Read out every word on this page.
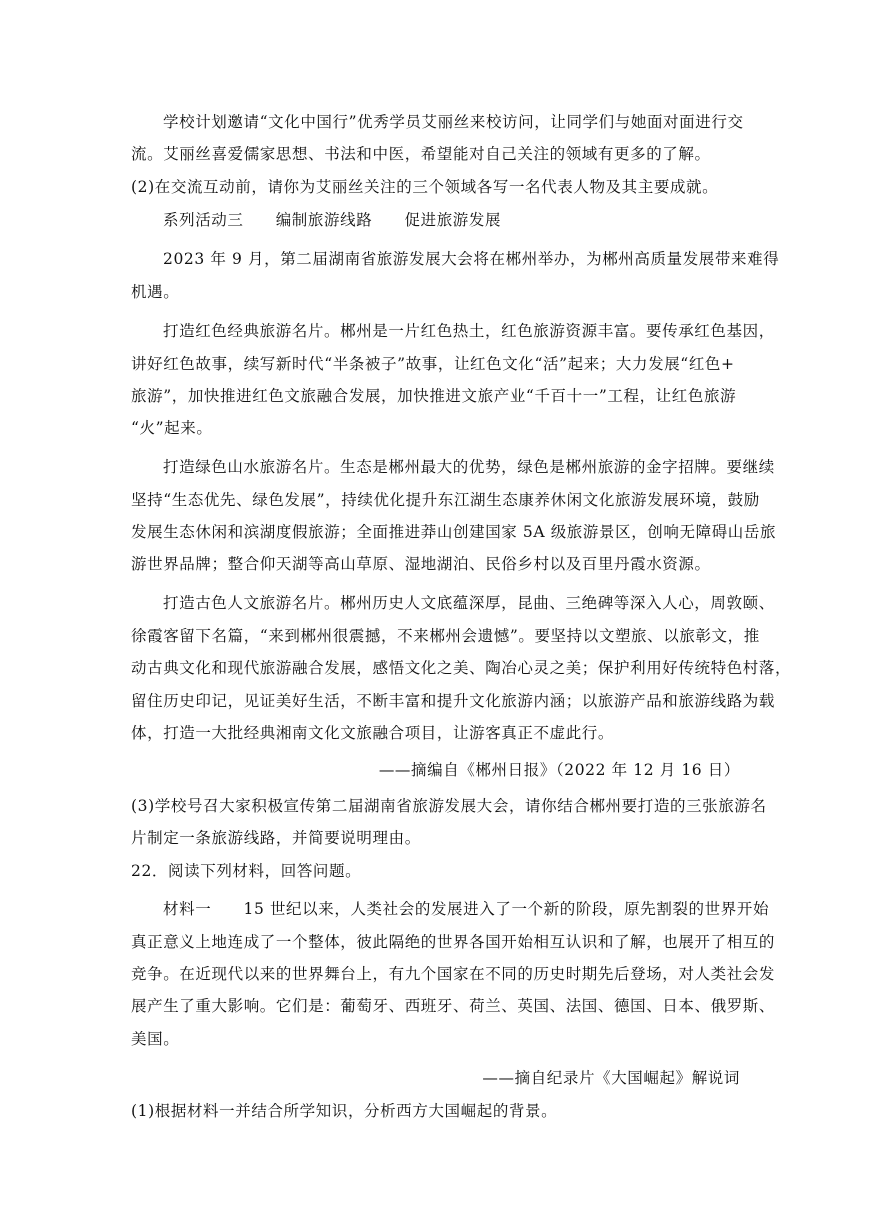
学校计划邀请“文化中国行”优秀学员艾丽丝来校访问，让同学们与她面对面进行交
流。艾丽丝喜爱儒家思想、书法和中医，希望能对自己关注的领域有更多的了解。
(2)在交流互动前，请你为艾丽丝关注的三个领域各写一名代表人物及其主要成就。
系列活动三　　编制旅游线路　　促进旅游发展
2023 年 9 月，第二届湖南省旅游发展大会将在郴州举办，为郴州高质量发展带来难得
机遇。
打造红色经典旅游名片。郴州是一片红色热土，红色旅游资源丰富。要传承红色基因，
讲好红色故事，续写新时代“半条被子”故事，让红色文化“活”起来；大力发展“红色+
旅游”，加快推进红色文旅融合发展，加快推进文旅产业“千百十一”工程，让红色旅游
“火”起来。
打造绿色山水旅游名片。生态是郴州最大的优势，绿色是郴州旅游的金字招牌。要继续
坚持“生态优先、绿色发展”，持续优化提升东江湖生态康养休闲文化旅游发展环境，鼓励
发展生态休闲和滨湖度假旅游；全面推进莽山创建国家 5A 级旅游景区，创响无障碍山岳旅
游世界品牌；整合仰天湖等高山草原、湿地湖泊、民俗乡村以及百里丹霞水资源。
打造古色人文旅游名片。郴州历史人文底蕴深厚，昆曲、三绝碑等深入人心，周敦颐、
徐霞客留下名篇，“来到郴州很震撼，不来郴州会遗憾”。要坚持以文塑旅、以旅彰文，推
动古典文化和现代旅游融合发展，感悟文化之美、陶冶心灵之美；保护利用好传统特色村落，
留住历史印记，见证美好生活，不断丰富和提升文化旅游内涵；以旅游产品和旅游线路为载
体，打造一大批经典湘南文化文旅融合项目，让游客真正不虚此行。
——摘编自《郴州日报》（2022 年 12 月 16 日）
(3)学校号召大家积极宣传第二届湖南省旅游发展大会，请你结合郴州要打造的三张旅游名
片制定一条旅游线路，并简要说明理由。
22．阅读下列材料，回答问题。
材料一　　15 世纪以来，人类社会的发展进入了一个新的阶段，原先割裂的世界开始
真正意义上地连成了一个整体，彼此隔绝的世界各国开始相互认识和了解，也展开了相互的
竞争。在近现代以来的世界舞台上，有九个国家在不同的历史时期先后登场，对人类社会发
展产生了重大影响。它们是：葡萄牙、西班牙、荷兰、英国、法国、德国、日本、俄罗斯、
美国。
——摘自纪录片《大国崛起》解说词
(1)根据材料一并结合所学知识，分析西方大国崛起的背景。
